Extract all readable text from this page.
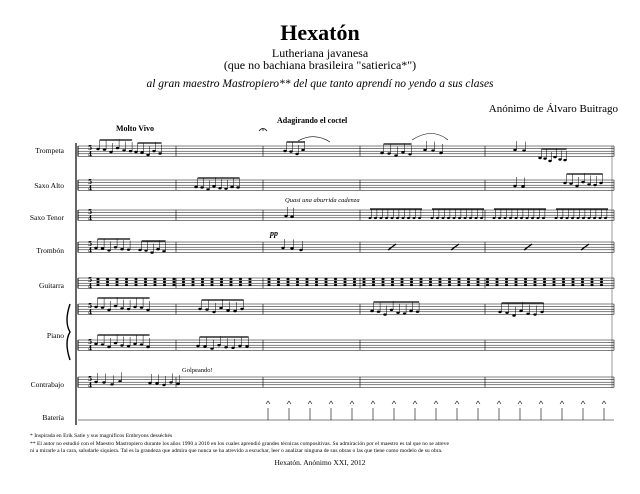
Hexatón
Lutheriana javanesa
(que no bachiana brasileira "satierica*")
al gran maestro Mastropiero** del que tanto aprendí no yendo a sus clases
Anónimo de Álvaro Buitrago
Molto Vivo
Adagirando el coctel
Trompeta
Saxo Alto
Saxo Tenor
Trombón
Guitarra
Piano
Contrabajo
Batería
Quasi una aburrida cadenza
pp
Golpeando!
5
4
5
4
5
4
5
4
5
4
5
4
5
4
5
4
* Inspirada en Erik Satie y sus magníficos Embryons desséchés
** El autor no estudió con el Maestro Mastropiero durante los años 1990 a 2010 en los cuales aprendió grandes técnicas compositivas. Su admiración por el maestro es tal que no se atreve
ni a mirarle a la cara, saludarle siquiera. Tal es la grandeza que admira que nunca se ha atrevido a escuchar, leer o analizar ninguna de sus obras o las que tiene como modelo de su obra.
Hexatón. Anónimo XXI, 2012
